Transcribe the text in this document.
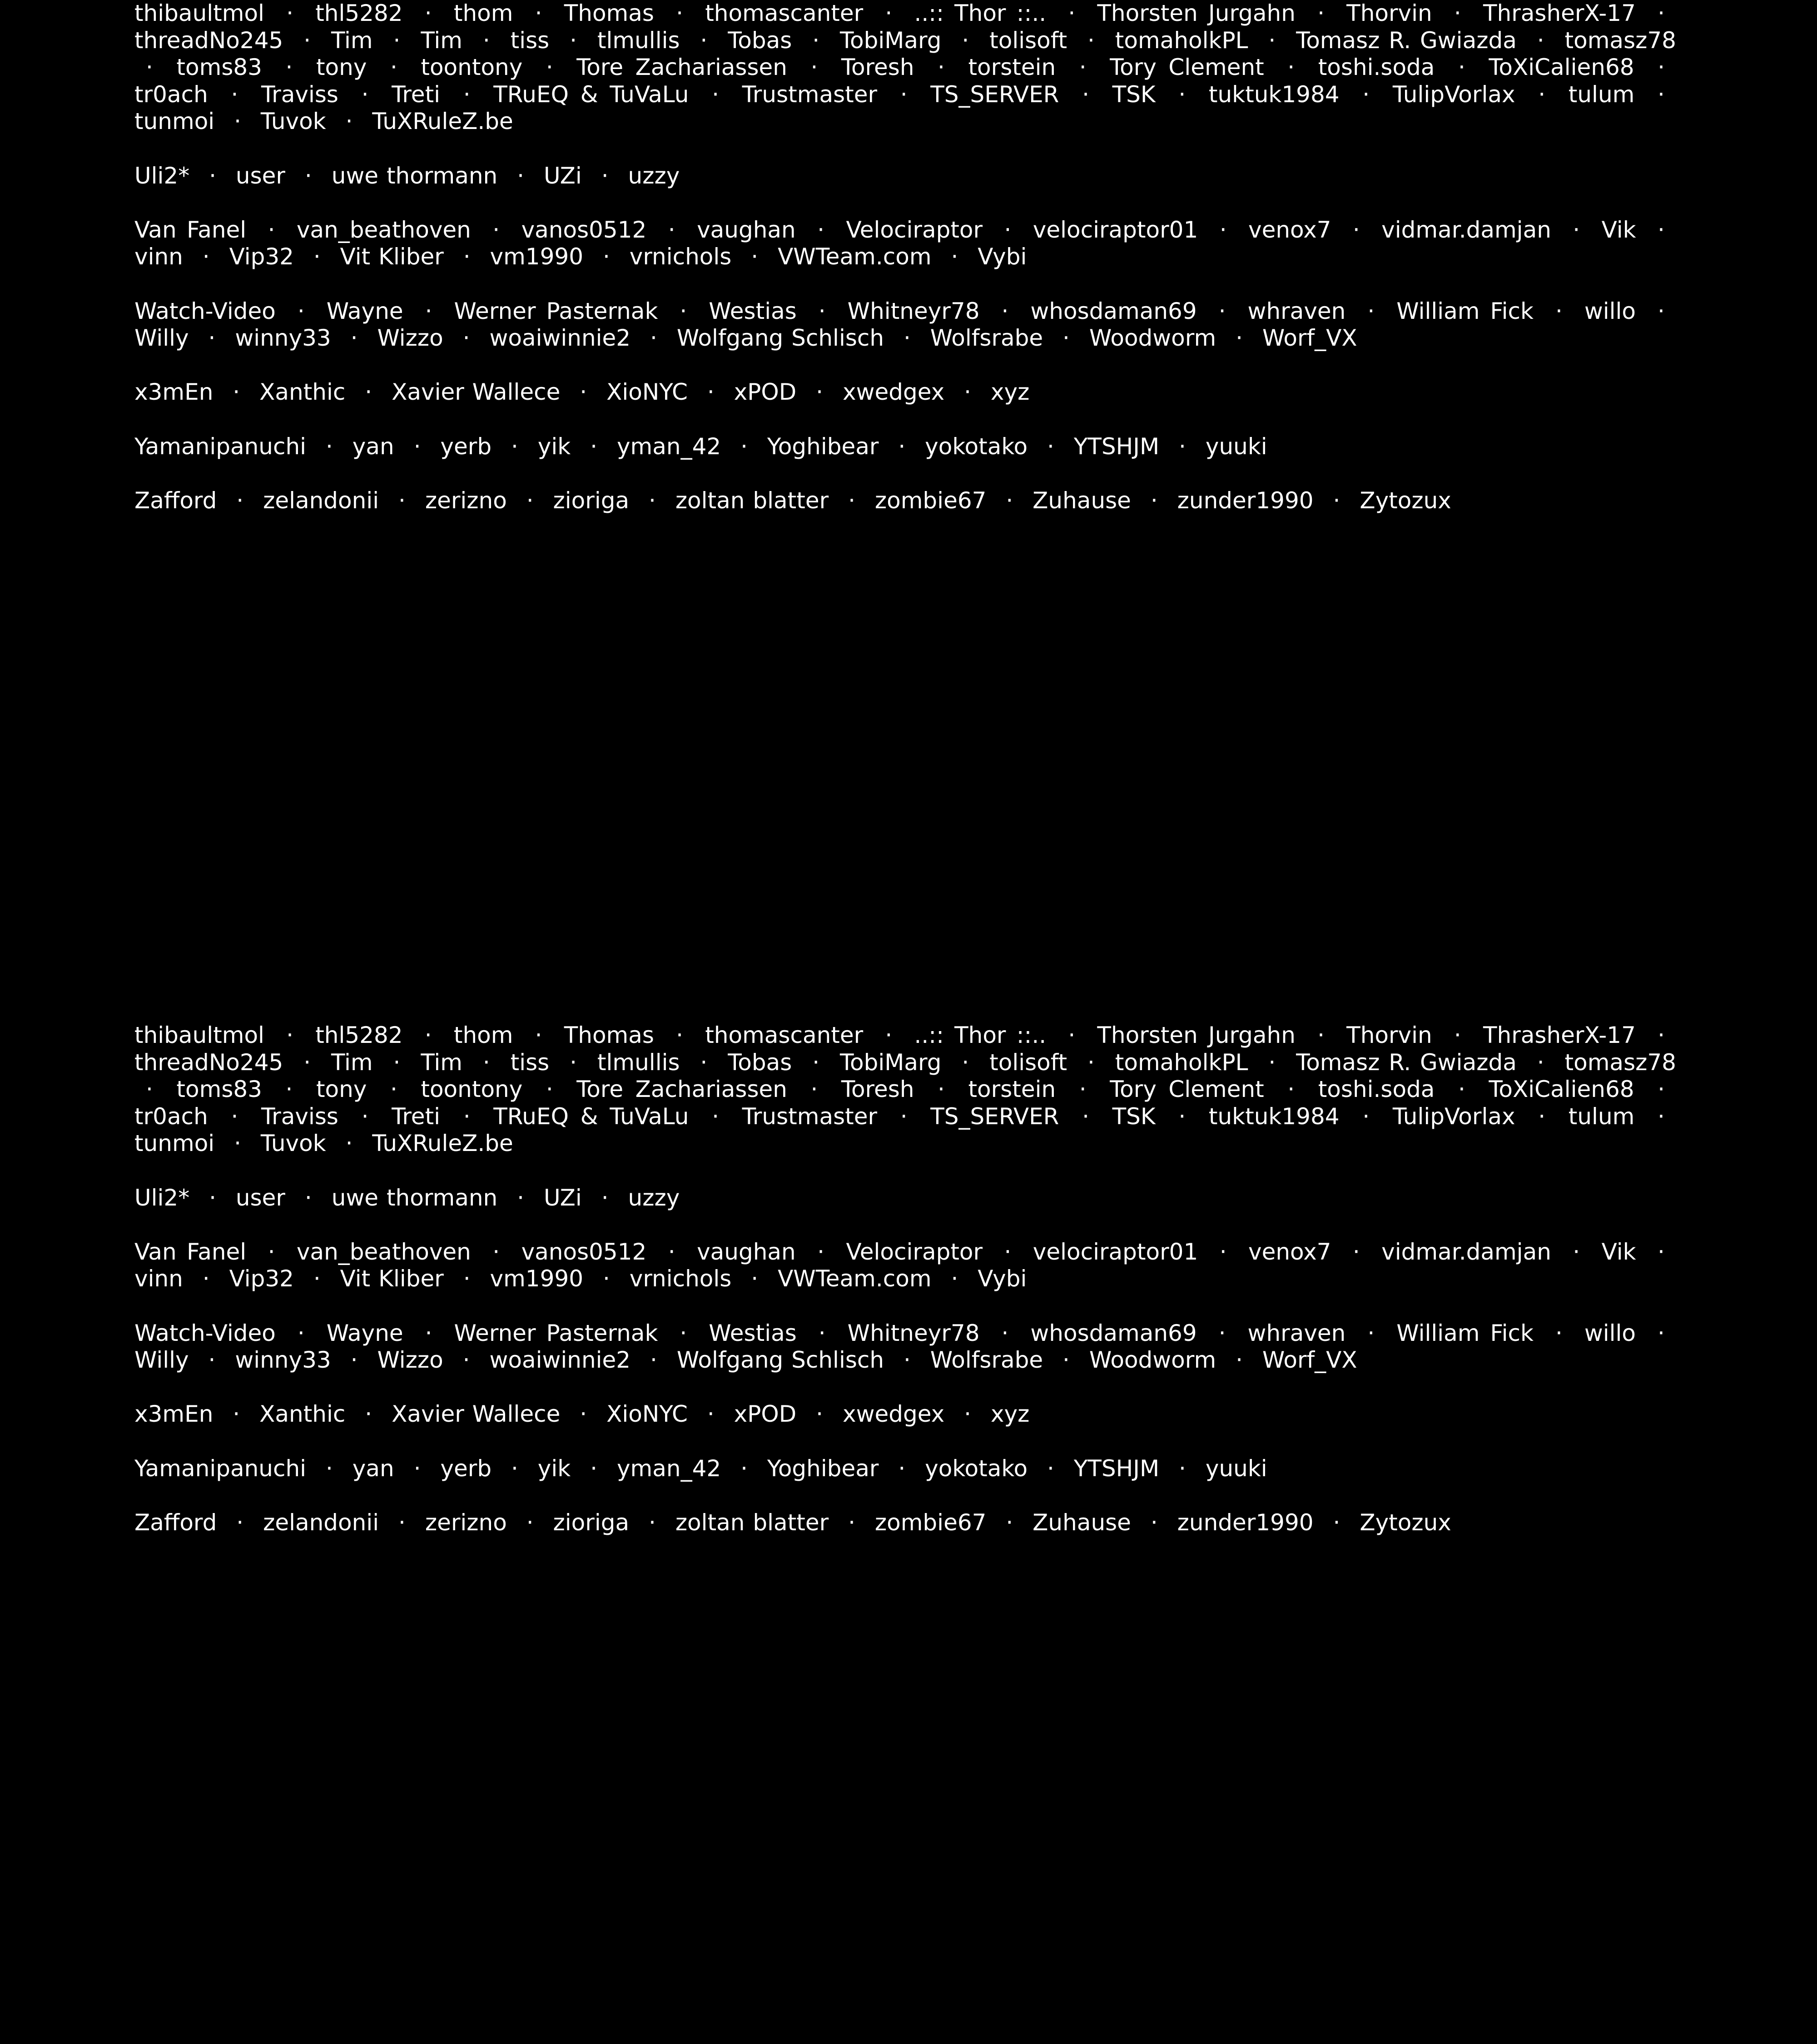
thibaultmol · thl5282 · thom · Thomas · thomascanter · ..:: Thor ::.. · Thorsten Jurgahn · Thorvin · ThrasherX-17 · threadNo245 · Tim · Tim · tiss · tlmullis · Tobas · TobiMarg · tolisoft · tomaholkPL · Tomasz R. Gwiazda · tomasz78 · toms83 · tony · toontony · Tore Zachariassen · Toresh · torstein · Tory Clement · toshi.soda · ToXiCalien68 · tr0ach · Traviss · Treti · TRuEQ & TuVaLu · Trustmaster · TS_SERVER · TSK · tuktuk1984 · TulipVorlax · tulum · tunmoi · Tuvok · TuXRuleZ.be

Uli2* · user · uwe thormann · UZi · uzzy

Van Fanel · van_beathoven · vanos0512 · vaughan · Velociraptor · velociraptor01 · venox7 · vidmar.damjan · Vik · vinn · Vip32 · Vit Kliber · vm1990 · vrnichols · VWTeam.com · Vybi

Watch-Video · Wayne · Werner Pasternak · Westias · Whitneyr78 · whosdaman69 · whraven · William Fick · willo · Willy · winny33 · Wizzo · woaiwinnie2 · Wolfgang Schlisch · Wolfsrabe · Woodworm · Worf_VX

x3mEn · Xanthic · Xavier Wallece · XioNYC · xPOD · xwedgex · xyz

Yamanipanuchi · yan · yerb · yik · yman_42 · Yoghibear · yokotako · YTSHJM · yuuki

Zafford · zelandonii · zerizno · zioriga · zoltan blatter · zombie67 · Zuhause · zunder1990 · Zytozux

thibaultmol · thl5282 · thom · Thomas · thomascanter · ..:: Thor ::.. · Thorsten Jurgahn · Thorvin · ThrasherX-17 · threadNo245 · Tim · Tim · tiss · tlmullis · Tobas · TobiMarg · tolisoft · tomaholkPL · Tomasz R. Gwiazda · tomasz78 · toms83 · tony · toontony · Tore Zachariassen · Toresh · torstein · Tory Clement · toshi.soda · ToXiCalien68 · tr0ach · Traviss · Treti · TRuEQ & TuVaLu · Trustmaster · TS_SERVER · TSK · tuktuk1984 · TulipVorlax · tulum · tunmoi · Tuvok · TuXRuleZ.be

Uli2* · user · uwe thormann · UZi · uzzy

Van Fanel · van_beathoven · vanos0512 · vaughan · Velociraptor · velociraptor01 · venox7 · vidmar.damjan · Vik · vinn · Vip32 · Vit Kliber · vm1990 · vrnichols · VWTeam.com · Vybi

Watch-Video · Wayne · Werner Pasternak · Westias · Whitneyr78 · whosdaman69 · whraven · William Fick · willo · Willy · winny33 · Wizzo · woaiwinnie2 · Wolfgang Schlisch · Wolfsrabe · Woodworm · Worf_VX

x3mEn · Xanthic · Xavier Wallece · XioNYC · xPOD · xwedgex · xyz

Yamanipanuchi · yan · yerb · yik · yman_42 · Yoghibear · yokotako · YTSHJM · yuuki

Zafford · zelandonii · zerizno · zioriga · zoltan blatter · zombie67 · Zuhause · zunder1990 · Zytozux
